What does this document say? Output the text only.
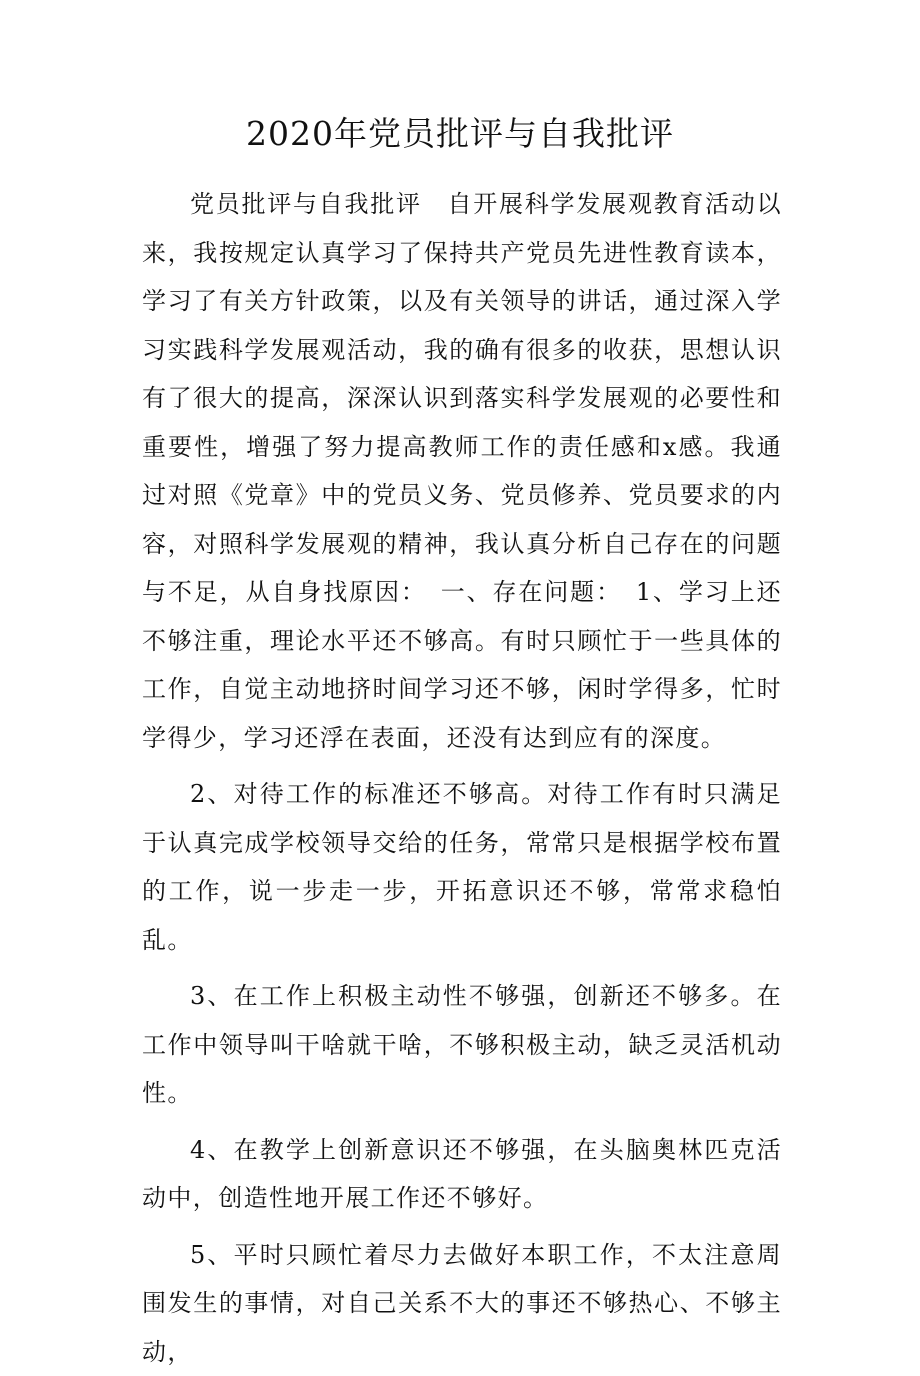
2020年党员批评与自我批评

党员批评与自我批评　自开展科学发展观教育活动以来，我按规定认真学习了保持共产党员先进性教育读本，学习了有关方针政策，以及有关领导的讲话，通过深入学习实践科学发展观活动，我的确有很多的收获，思想认识有了很大的提高，深深认识到落实科学发展观的必要性和重要性，增强了努力提高教师工作的责任感和x感。我通过对照《党章》中的党员义务、党员修养、党员要求的内容，对照科学发展观的精神，我认真分析自己存在的问题与不足，从自身找原因：　一、存在问题：　1、学习上还不够注重，理论水平还不够高。有时只顾忙于一些具体的工作，自觉主动地挤时间学习还不够，闲时学得多，忙时学得少，学习还浮在表面，还没有达到应有的深度。

2、对待工作的标准还不够高。对待工作有时只满足于认真完成学校领导交给的任务，常常只是根据学校布置的工作，说一步走一步，开拓意识还不够，常常求稳怕乱。

3、在工作上积极主动性不够强，创新还不够多。在工作中领导叫干啥就干啥，不够积极主动，缺乏灵活机动性。

4、在教学上创新意识还不够强，在头脑奥林匹克活动中，创造性地开展工作还不够好。

5、平时只顾忙着尽力去做好本职工作，不太注意周围发生的事情，对自己关系不大的事还不够热心、不够主动，
